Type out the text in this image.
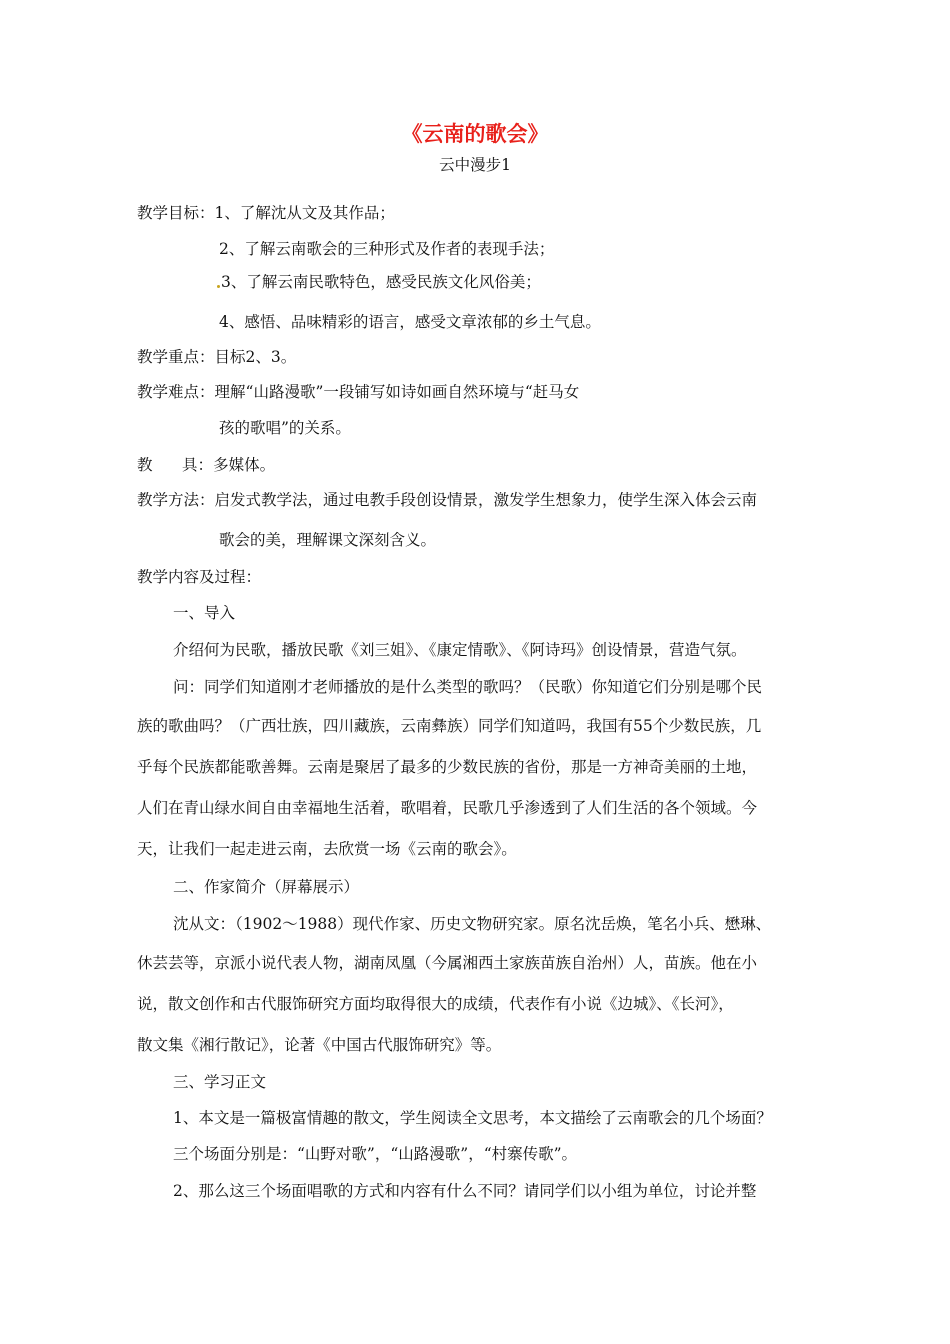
《云南的歌会》
云中漫步1
教学目标：1、了解沈从文及其作品；
2、了解云南歌会的三种形式及作者的表现手法；
3、了解云南民歌特色，感受民族文化风俗美；
4、感悟、品味精彩的语言，感受文章浓郁的乡土气息。
教学重点：目标2、3。
教学难点：理解“山路漫歌”一段铺写如诗如画自然环境与“赶马女
孩的歌唱”的关系。
教      具：多媒体。
教学方法：启发式教学法，通过电教手段创设情景，激发学生想象力，使学生深入体会云南
歌会的美，理解课文深刻含义。
教学内容及过程：
一、导入
介绍何为民歌，播放民歌《刘三姐》、《康定情歌》、《阿诗玛》创设情景，营造气氛。
问：同学们知道刚才老师播放的是什么类型的歌吗？（民歌）你知道它们分别是哪个民
族的歌曲吗？（广西壮族，四川藏族，云南彝族）同学们知道吗，我国有55个少数民族，几
乎每个民族都能歌善舞。云南是聚居了最多的少数民族的省份，那是一方神奇美丽的土地，
人们在青山绿水间自由幸福地生活着，歌唱着，民歌几乎渗透到了人们生活的各个领域。今
天，让我们一起走进云南，去欣赏一场《云南的歌会》。
二、作家简介（屏幕展示）
沈从文：（1902～1988）现代作家、历史文物研究家。原名沈岳焕，笔名小兵、懋琳、
休芸芸等，京派小说代表人物，湖南凤凰（今属湘西土家族苗族自治州）人，苗族。他在小
说，散文创作和古代服饰研究方面均取得很大的成绩，代表作有小说《边城》、《长河》，
散文集《湘行散记》，论著《中国古代服饰研究》等。
三、学习正文
1、本文是一篇极富情趣的散文，学生阅读全文思考，本文描绘了云南歌会的几个场面？
三个场面分别是：“山野对歌”，“山路漫歌”，“村寨传歌”。
2、那么这三个场面唱歌的方式和内容有什么不同？请同学们以小组为单位，讨论并整
